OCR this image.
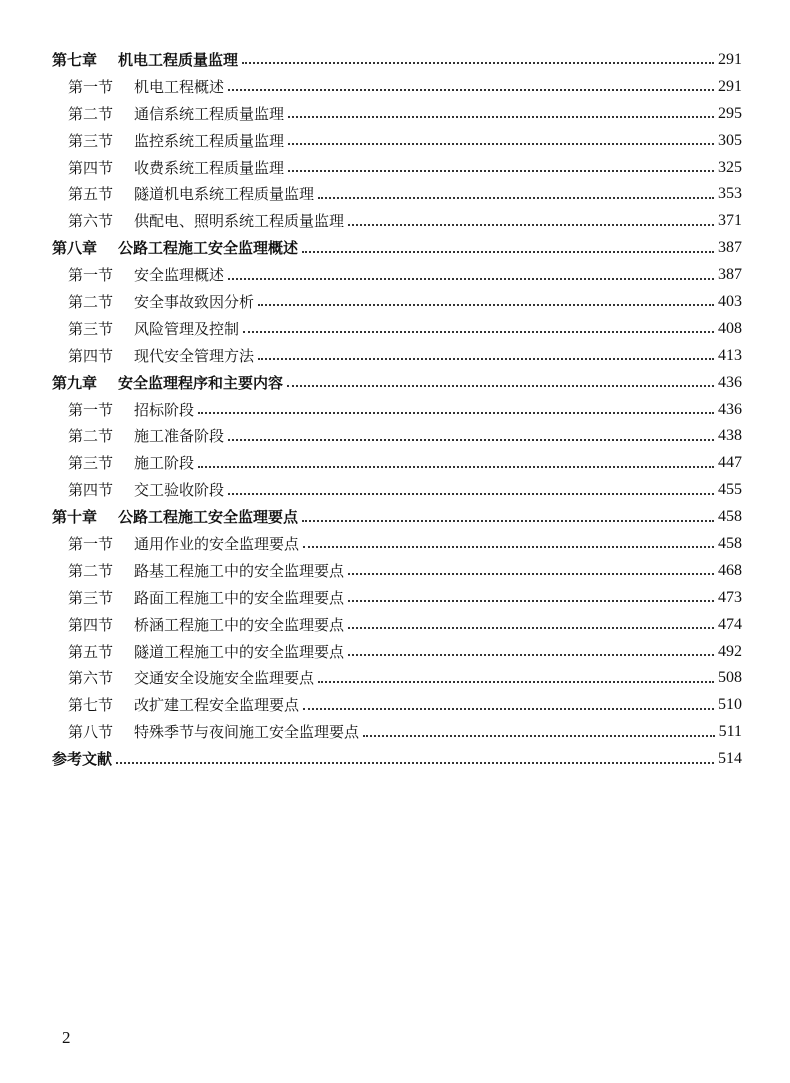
第七章	机电工程质量监理	291
第一节	机电工程概述	291
第二节	通信系统工程质量监理	295
第三节	监控系统工程质量监理	305
第四节	收费系统工程质量监理	325
第五节	隧道机电系统工程质量监理	353
第六节	供配电、照明系统工程质量监理	371
第八章	公路工程施工安全监理概述	387
第一节	安全监理概述	387
第二节	安全事故致因分析	403
第三节	风险管理及控制	408
第四节	现代安全管理方法	413
第九章	安全监理程序和主要内容	436
第一节	招标阶段	436
第二节	施工准备阶段	438
第三节	施工阶段	447
第四节	交工验收阶段	455
第十章	公路工程施工安全监理要点	458
第一节	通用作业的安全监理要点	458
第二节	路基工程施工中的安全监理要点	468
第三节	路面工程施工中的安全监理要点	473
第四节	桥涵工程施工中的安全监理要点	474
第五节	隧道工程施工中的安全监理要点	492
第六节	交通安全设施安全监理要点	508
第七节	改扩建工程安全监理要点	510
第八节	特殊季节与夜间施工安全监理要点	511
参考文献	514
2
